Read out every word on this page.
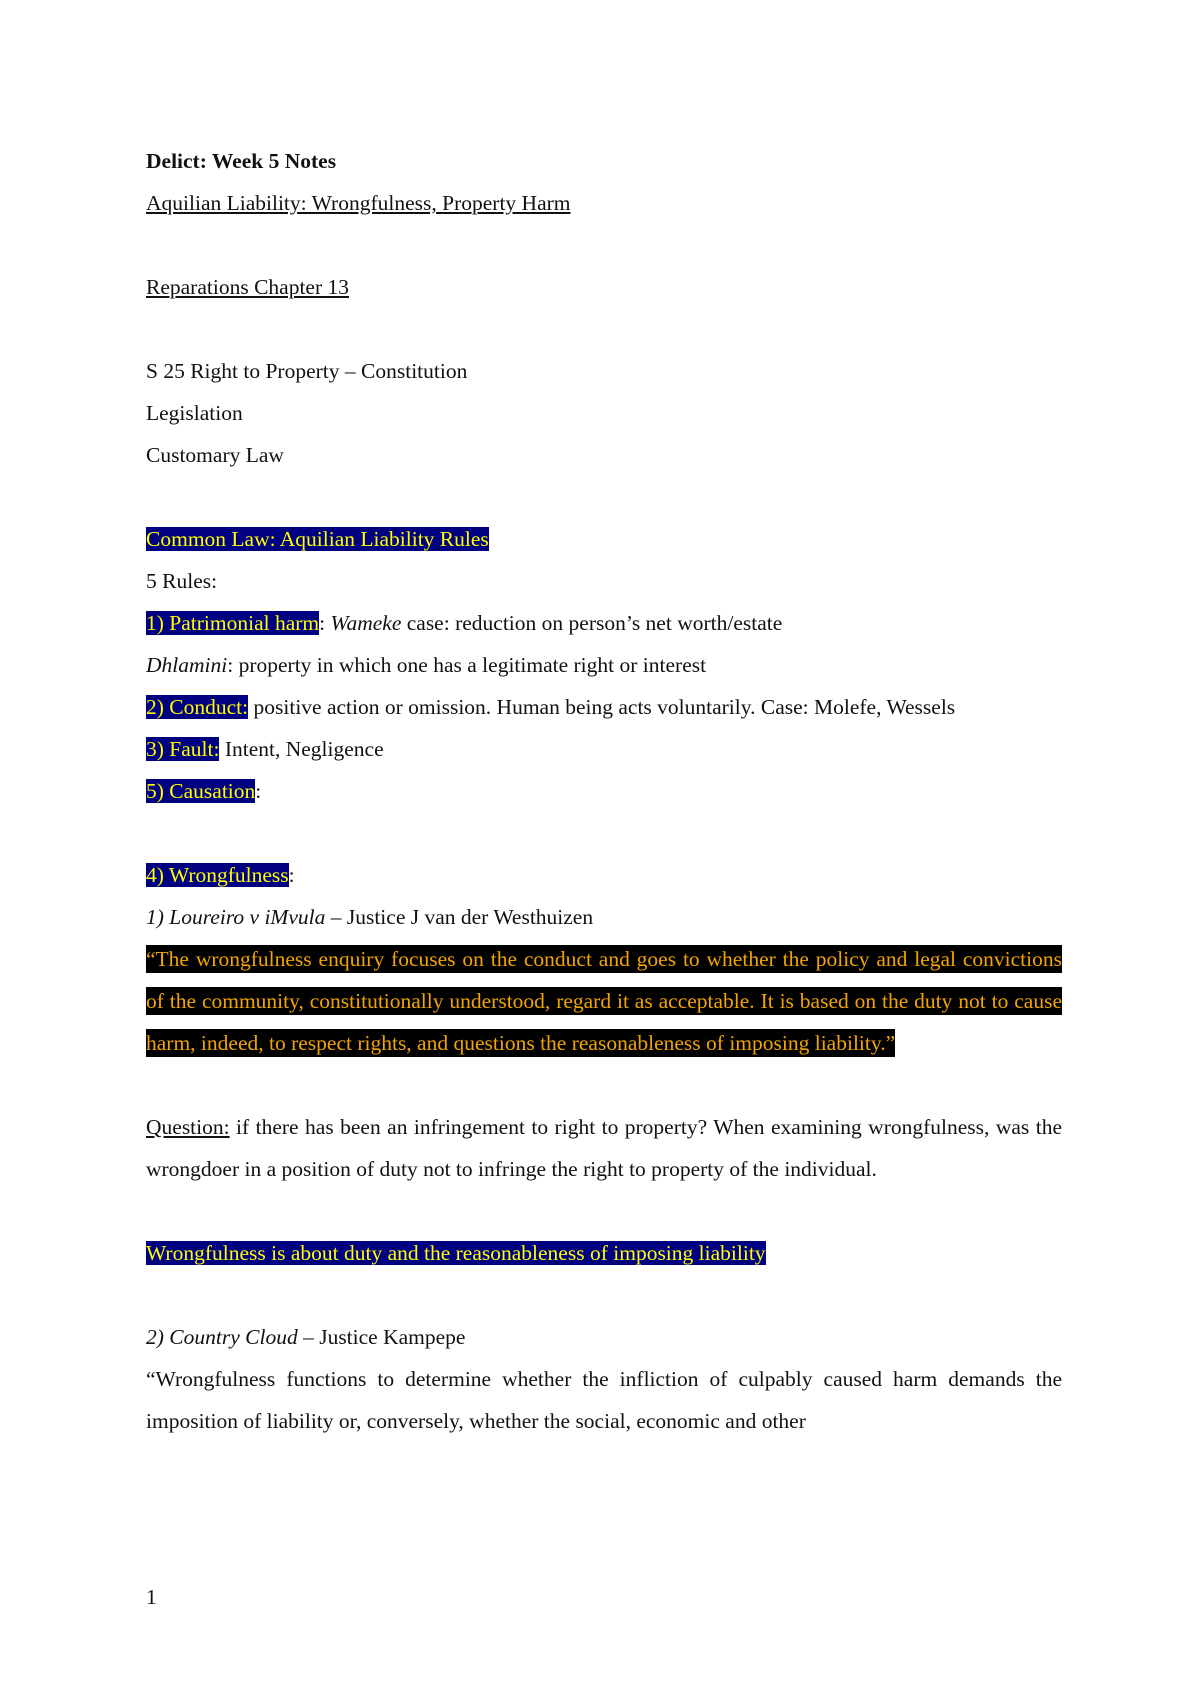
Delict: Week 5 Notes
Aquilian Liability: Wrongfulness, Property Harm
Reparations Chapter 13
S 25 Right to Property – Constitution
Legislation
Customary Law
Common Law: Aquilian Liability Rules
5 Rules:
1) Patrimonial harm: Wameke case: reduction on person’s net worth/estate
Dhlamini: property in which one has a legitimate right or interest
2) Conduct: positive action or omission. Human being acts voluntarily. Case: Molefe, Wessels
3) Fault: Intent, Negligence
5) Causation:
4) Wrongfulness:
1) Loureiro v iMvula – Justice J van der Westhuizen
“The wrongfulness enquiry focuses on the conduct and goes to whether the policy and legal convictions of the community, constitutionally understood, regard it as acceptable. It is based on the duty not to cause harm, indeed, to respect rights, and questions the reasonableness of imposing liability.”
Question: if there has been an infringement to right to property? When examining wrongfulness, was the wrongdoer in a position of duty not to infringe the right to property of the individual.
Wrongfulness is about duty and the reasonableness of imposing liability
2) Country Cloud – Justice Kampepe
“Wrongfulness functions to determine whether the infliction of culpably caused harm demands the imposition of liability or, conversely, whether the social, economic and other
1
